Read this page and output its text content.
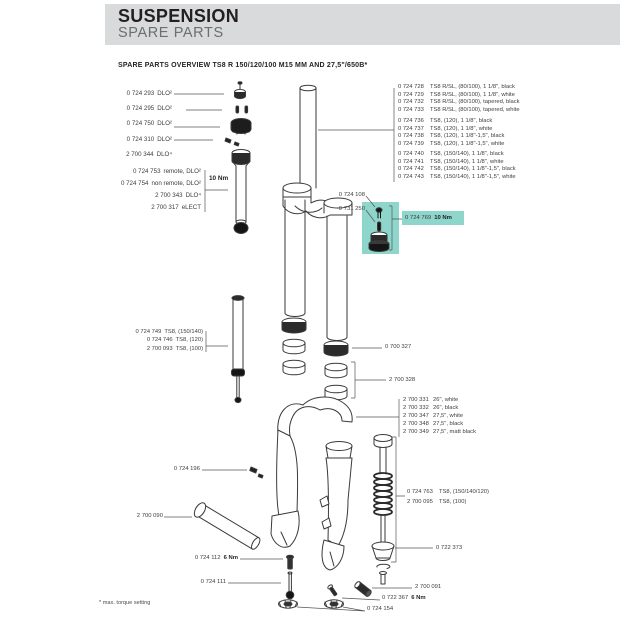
SUSPENSION
SPARE PARTS
SPARE PARTS OVERVIEW TS8 R 150/120/100 M15 MM AND 27,5"/650B*
0 724 293 DLO²
0 724 295 DLO²
0 724 750 DLO²
0 724 310 DLO²
2 700 344 DLO⁴
0 724 753 remote, DLO²
0 724 754 non remote, DLO²
2 700 343 DLO⁴
2 700 317 eLECT
10 Nm
0 724 749 TS8, (150/140)
0 724 746 TS8, (120)
2 700 093 TS8, (100)
0 724 196
2 700 090
0 724 112 6 Nm
0 724 111
0 724 728 TS8 R/SL, (80/100), 1 1/8", black
0 724 729 TS8 R/SL, (80/100), 1 1/8", white
0 724 732 TS8 R/SL, (80/100), tapered, black
0 724 733 TS8 R/SL, (80/100), tapered, white
0 724 736 TS8, (120), 1 1/8", black
0 724 737 TS8, (120), 1 1/8", white
0 724 738 TS8, (120), 1 1/8"-1,5", black
0 724 739 TS8, (120), 1 1/8"-1,5", white
0 724 740 TS8, (150/140), 1 1/8", black
0 724 741 TS8, (150/140), 1 1/8", white
0 724 742 TS8, (150/140), 1 1/8"-1,5", black
0 724 743 TS8, (150/140), 1 1/8"-1,5", white
0 724 108
0 731 250
0 724 769 10 Nm
0 700 327
2 700 328
2 700 331 26", white
2 700 332 26", black
2 700 347 27,5", white
2 700 348 27,5", black
2 700 349 27,5", matt black
0 724 763 TS8, (150/140/120)
2 700 095 TS8, (100)
0 722 373
2 700 091
0 722 367 6 Nm
0 724 154
* max. torque setting
